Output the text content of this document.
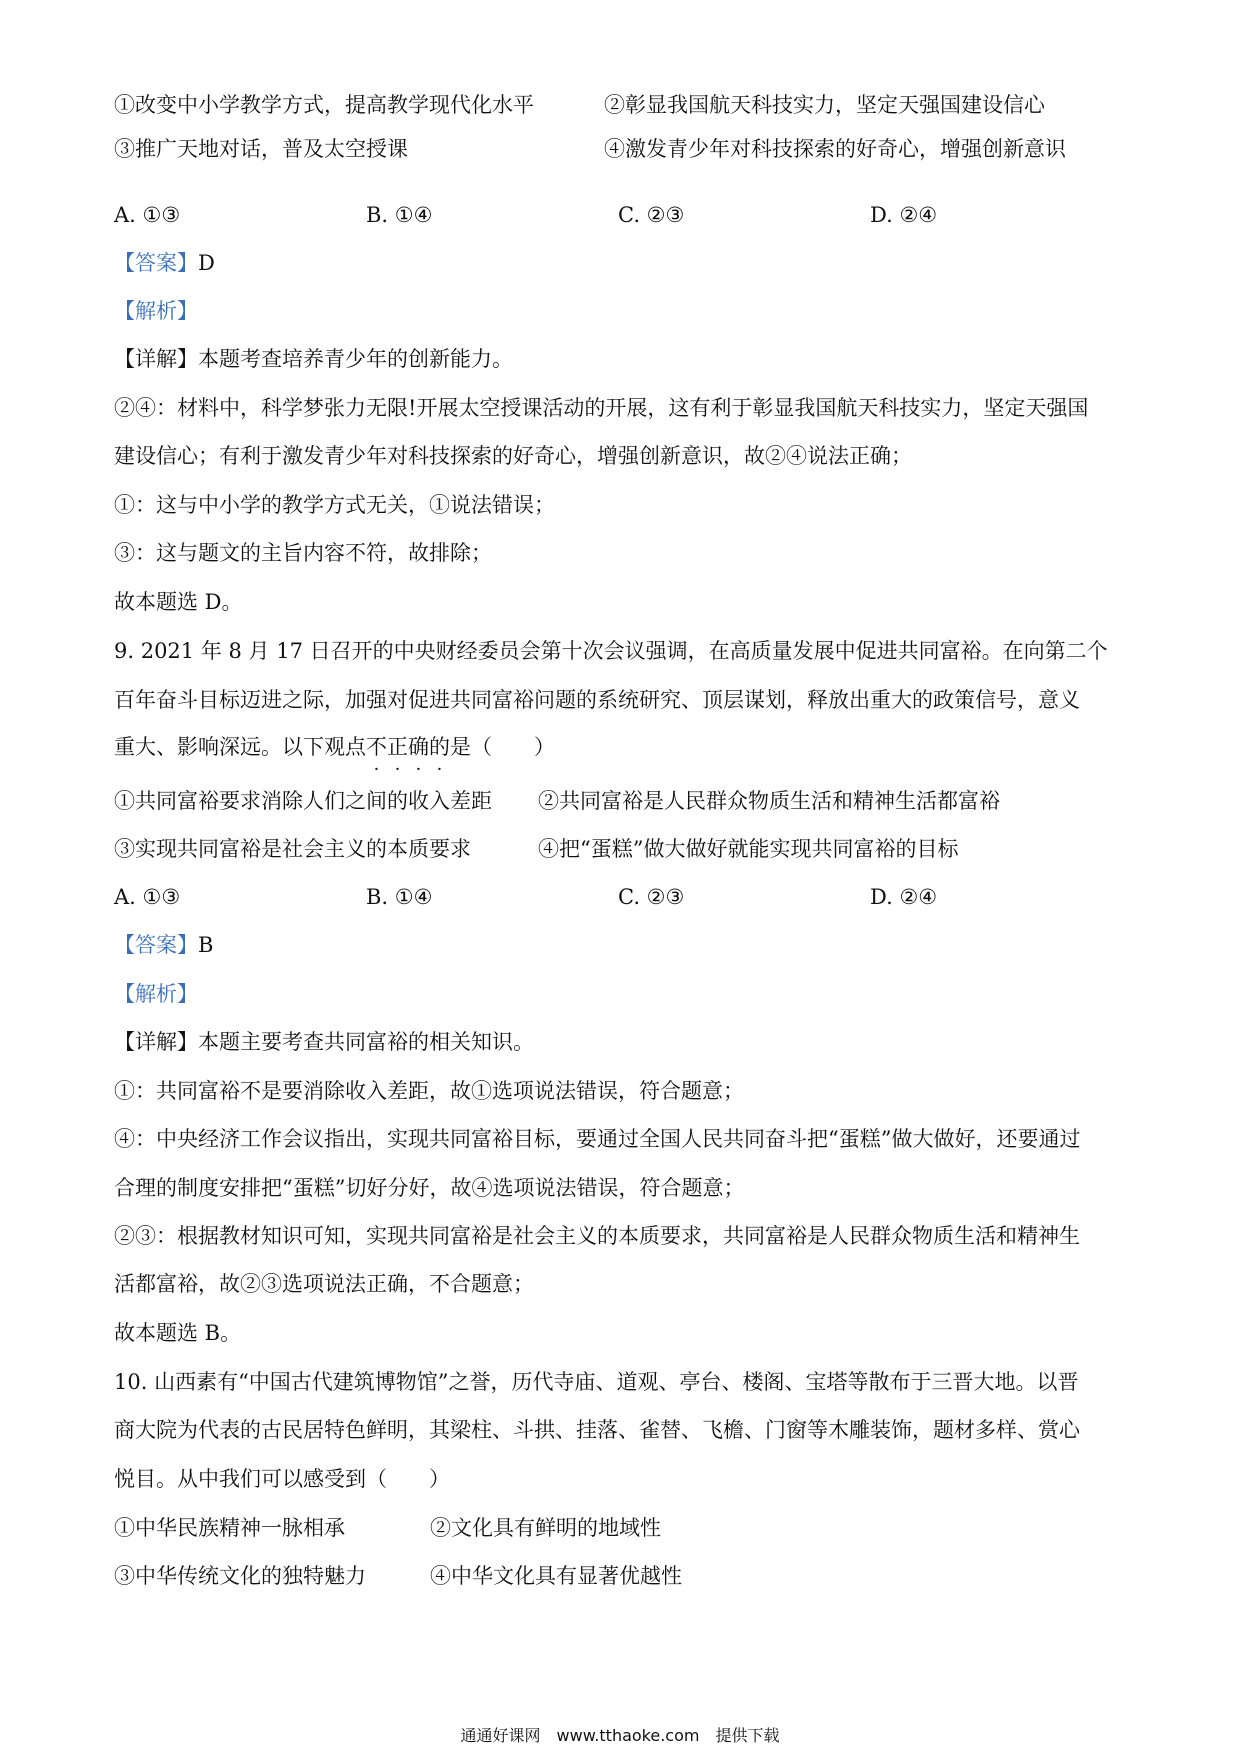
①改变中小学教学方式，提高教学现代化水平	②彰显我国航天科技实力，坚定天强国建设信心
③推广天地对话，普及太空授课	④激发青少年对科技探索的好奇心，增强创新意识
A. ①③	B. ①④	C. ②③	D. ②④
【答案】D
【解析】
【详解】本题考查培养青少年的创新能力。
②④：材料中，科学梦张力无限!开展太空授课活动的开展，这有利于彰显我国航天科技实力，坚定天强国
建设信心；有利于激发青少年对科技探索的好奇心，增强创新意识，故②④说法正确；
①：这与中小学的教学方式无关，①说法错误；
③：这与题文的主旨内容不符，故排除；
故本题选 D。
9. 2021 年 8 月 17 日召开的中央财经委员会第十次会议强调，在高质量发展中促进共同富裕。在向第二个
百年奋斗目标迈进之际，加强对促进共同富裕问题的系统研究、顶层谋划，释放出重大的政策信号，意义
重大、影响深远。以下观点不正确的是（　　）
①共同富裕要求消除人们之间的收入差距 ②共同富裕是人民群众物质生活和精神生活都富裕
③实现共同富裕是社会主义的本质要求	④把“蛋糕”做大做好就能实现共同富裕的目标
A. ①③	B. ①④	C. ②③	D. ②④
【答案】B
【解析】
【详解】本题主要考查共同富裕的相关知识。
①：共同富裕不是要消除收入差距，故①选项说法错误，符合题意；
④：中央经济工作会议指出，实现共同富裕目标，要通过全国人民共同奋斗把“蛋糕”做大做好，还要通过
合理的制度安排把“蛋糕”切好分好，故④选项说法错误，符合题意；
②③：根据教材知识可知，实现共同富裕是社会主义的本质要求，共同富裕是人民群众物质生活和精神生
活都富裕，故②③选项说法正确，不合题意；
故本题选 B。
10. 山西素有“中国古代建筑博物馆”之誉，历代寺庙、道观、亭台、楼阁、宝塔等散布于三晋大地。以晋
商大院为代表的古民居特色鲜明，其梁柱、斗拱、挂落、雀替、飞檐、门窗等木雕装饰，题材多样、赏心
悦目。从中我们可以感受到（　　）
①中华民族精神一脉相承	②文化具有鲜明的地域性
③中华传统文化的独特魅力	④中华文化具有显著优越性
通通好课网　www.tthaoke.com　提供下载
